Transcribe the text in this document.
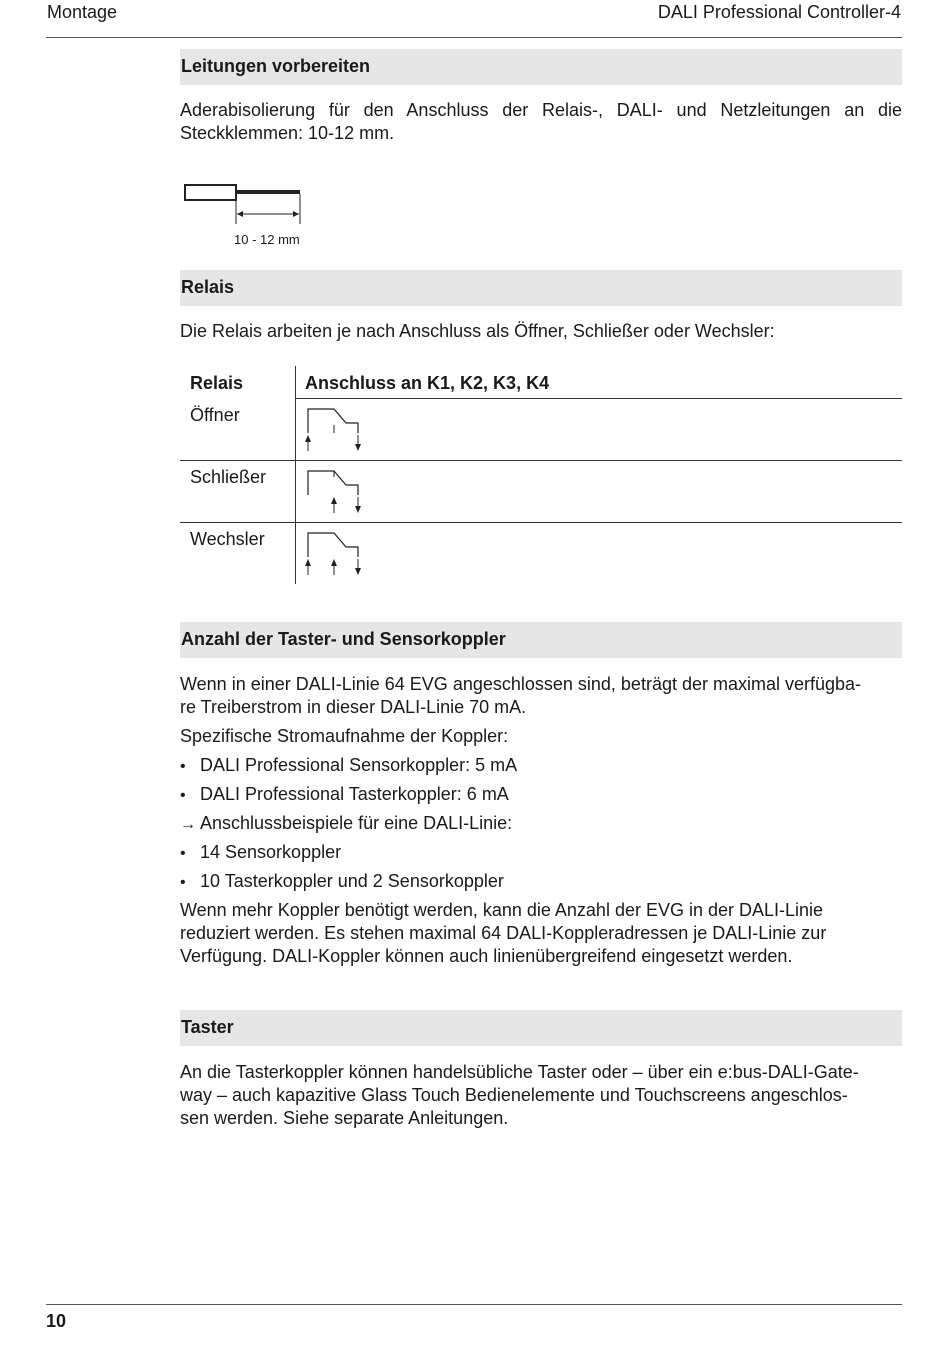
Montage	DALI Professional Controller-4
Leitungen vorbereiten
Aderabisolierung für den Anschluss der Relais-, DALI- und Netzleitungen an die Steckklemmen: 10-12 mm.
10 - 12 mm
Relais
Die Relais arbeiten je nach Anschluss als Öffner, Schließer oder Wechsler:
Relais	Anschluss an K1, K2, K3, K4
Öffner
Schließer
Wechsler
Anzahl der Taster- und Sensorkoppler
Wenn in einer DALI-Linie 64 EVG angeschlossen sind, beträgt der maximal verfügba-
re Treiberstrom in dieser DALI-Linie 70 mA.
Spezifische Stromaufnahme der Koppler:
• DALI Professional Sensorkoppler: 5 mA
• DALI Professional Tasterkoppler: 6 mA
→ Anschlussbeispiele für eine DALI-Linie:
• 14 Sensorkoppler
• 10 Tasterkoppler und 2 Sensorkoppler
Wenn mehr Koppler benötigt werden, kann die Anzahl der EVG in der DALI-Linie
reduziert werden. Es stehen maximal 64 DALI-Koppleradressen je DALI-Linie zur
Verfügung. DALI-Koppler können auch linienübergreifend eingesetzt werden.
Taster
An die Tasterkoppler können handelsübliche Taster oder – über ein e:bus-DALI-Gate-
way – auch kapazitive Glass Touch Bedienelemente und Touchscreens angeschlos-
sen werden. Siehe separate Anleitungen.
10
